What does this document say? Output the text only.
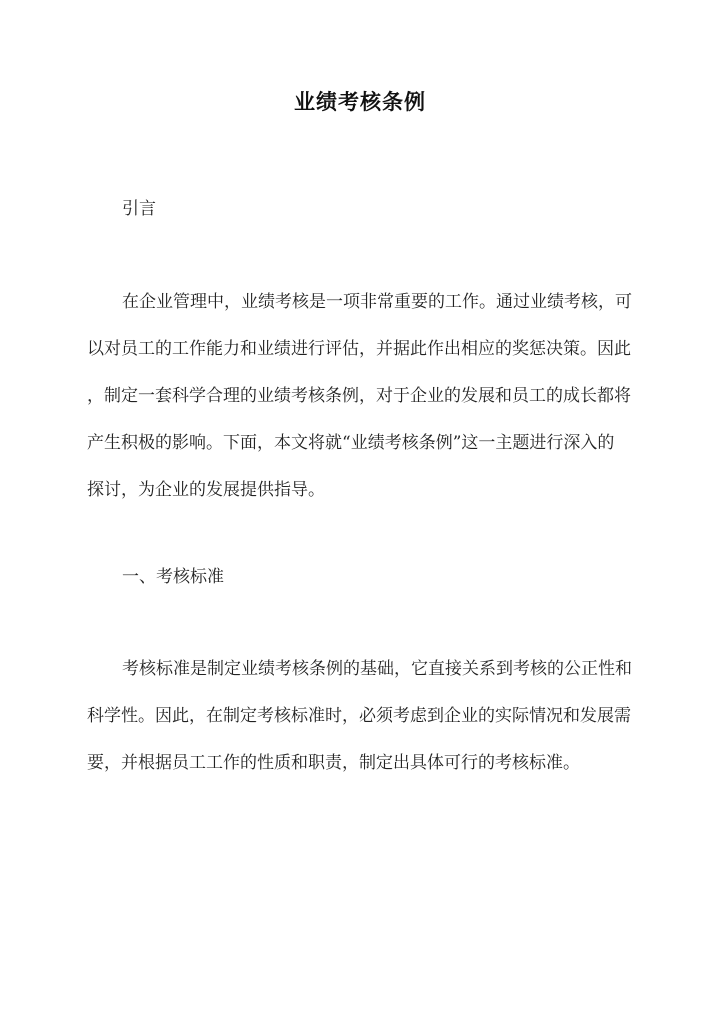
业绩考核条例
引言
在企业管理中，业绩考核是一项非常重要的工作。通过业绩考核，可
以对员工的工作能力和业绩进行评估，并据此作出相应的奖惩决策。因此
，制定一套科学合理的业绩考核条例，对于企业的发展和员工的成长都将
产生积极的影响。下面，本文将就“业绩考核条例”这一主题进行深入的
探讨，为企业的发展提供指导。
一、考核标准
考核标准是制定业绩考核条例的基础，它直接关系到考核的公正性和
科学性。因此，在制定考核标准时，必须考虑到企业的实际情况和发展需
要，并根据员工工作的性质和职责，制定出具体可行的考核标准。
